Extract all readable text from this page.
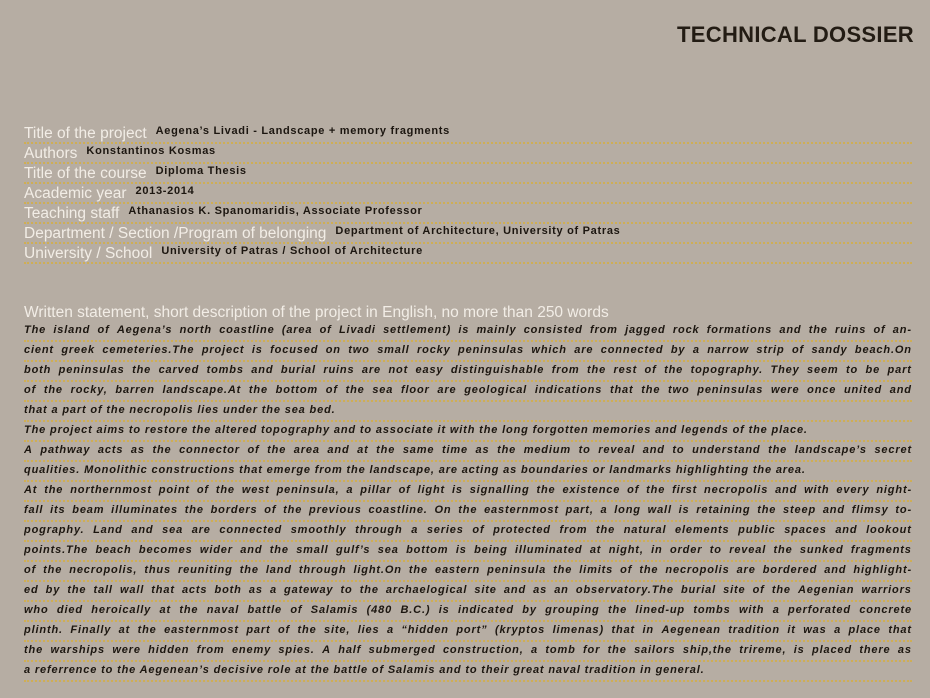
TECHNICAL DOSSIER
Title of the project Aegena’s Livadi - Landscape + memory fragments
Authors Konstantinos Kosmas
Title of the course Diploma Thesis
Academic year 2013-2014
Teaching staff Athanasios K. Spanomaridis, Associate Professor
Department / Section /Program of belonging Department of Architecture, University of Patras
University / School University of Patras / School of Architecture
Written statement, short description of the project in English, no more than 250 words
The island of Aegena’s north coastline (area of Livadi settlement) is mainly consisted from jagged rock formations and the ruins of an-
cient greek cemeteries.The project is focused on two small rocky peninsulas which are connected by a narrow strip of sandy beach.On
both peninsulas the carved tombs and burial ruins are not easy distinguishable from the rest of the topography. They seem to be part
of the rocky, barren landscape.At the bottom of the sea floor are geological indications that the two peninsulas were once united and
that a part of the necropolis lies under the sea bed.
The project aims to restore the altered topography and to associate it with the long forgotten memories and legends of the place.
A pathway acts as the connector of the area and at the same time as the medium to reveal and to understand the landscape’s secret
qualities. Monolithic constructions that emerge from the landscape, are acting as boundaries or landmarks highlighting the area.
At the northernmost point of the west peninsula, a pillar of light is signalling the existence of the first necropolis and with every night-
fall its beam illuminates the borders of the previous coastline. On the easternmost part, a long wall is retaining the steep and flimsy to-
pography. Land and sea are connected smoothly through a series of protected from the natural elements public spaces and lookout
points.The beach becomes wider and the small gulf’s sea bottom is being illuminated at night, in order to reveal the sunked fragments
of the necropolis, thus reuniting the land through light.On the eastern peninsula the limits of the necropolis are bordered and highlight-
ed by the tall wall that acts both as a gateway to the archaelogical site and as an observatory.The burial site of the Aegenian warriors
who died heroically at the naval battle of Salamis (480 B.C.) is indicated by grouping the lined-up tombs with a perforated concrete
plinth. Finally at the easternmost part of the site, lies a “hidden port” (kryptos limenas) that in Aegenean tradition it was a place that
the warships were hidden from enemy spies. A half submerged construction, a tomb for the sailors ship,the trireme, is placed there as
a referrence to the Aegenean’s decisive role at the battle of Salamis and to their great naval tradition in general.
